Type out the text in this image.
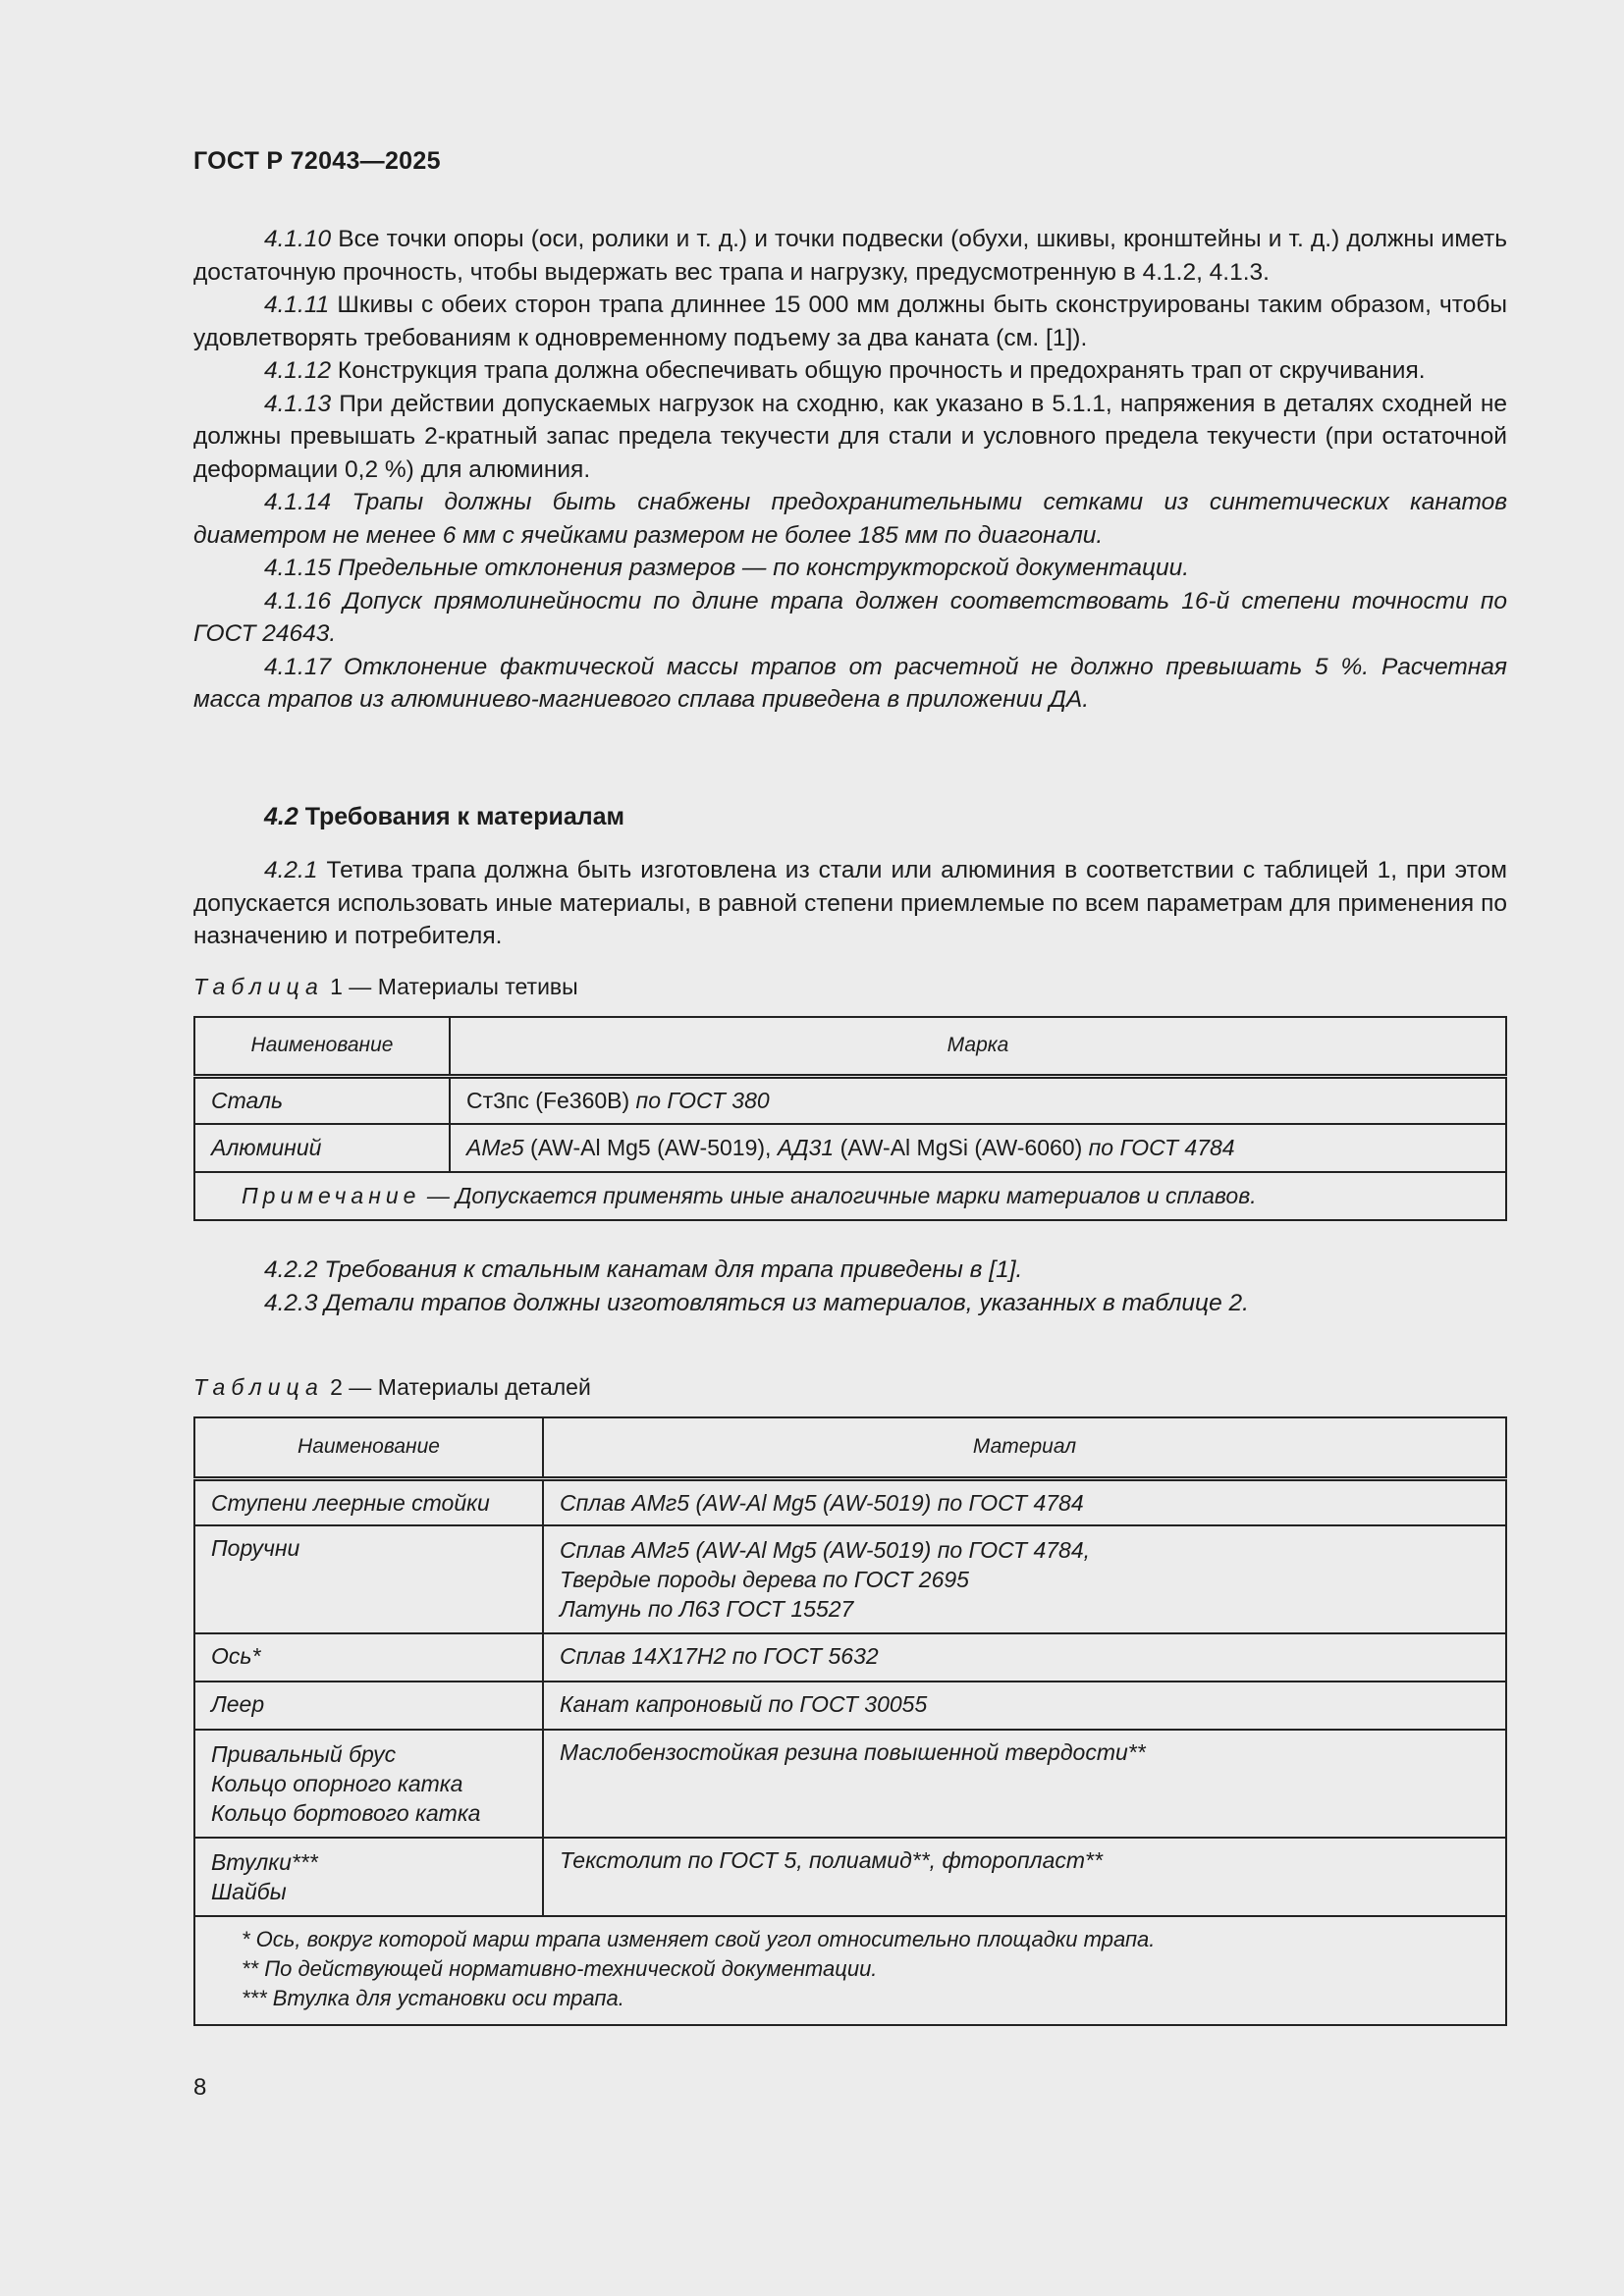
ГОСТ Р 72043—2025

4.1.10 Все точки опоры (оси, ролики и т. д.) и точки подвески (обухи, шкивы, кронштейны и т. д.) должны иметь достаточную прочность, чтобы выдержать вес трапа и нагрузку, предусмотренную в 4.1.2, 4.1.3.

4.1.11 Шкивы с обеих сторон трапа длиннее 15 000 мм должны быть сконструированы таким образом, чтобы удовлетворять требованиям к одновременному подъему за два каната (см. [1]).

4.1.12 Конструкция трапа должна обеспечивать общую прочность и предохранять трап от скручивания.

4.1.13 При действии допускаемых нагрузок на сходню, как указано в 5.1.1, напряжения в деталях сходней не должны превышать 2-кратный запас предела текучести для стали и условного предела текучести (при остаточной деформации 0,2 %) для алюминия.

4.1.14 Трапы должны быть снабжены предохранительными сетками из синтетических канатов диаметром не менее 6 мм с ячейками размером не более 185 мм по диагонали.

4.1.15 Предельные отклонения размеров — по конструкторской документации.

4.1.16 Допуск прямолинейности по длине трапа должен соответствовать 16-й степени точности по ГОСТ 24643.

4.1.17 Отклонение фактической массы трапов от расчетной не должно превышать 5 %. Расчетная масса трапов из алюминиево-магниевого сплава приведена в приложении ДА.

4.2 Требования к материалам

4.2.1 Тетива трапа должна быть изготовлена из стали или алюминия в соответствии с таблицей 1, при этом допускается использовать иные материалы, в равной степени приемлемые по всем параметрам для применения по назначению и потребителя.

Таблица 1 — Материалы тетивы
Наименование	Марка
Сталь	Ст3пс (Fe360B) по ГОСТ 380
Алюминий	АМг5 (AW-Al Mg5 (AW-5019), АД31 (AW-Al MgSi (AW-6060) по ГОСТ 4784
Примечание — Допускается применять иные аналогичные марки материалов и сплавов.	

4.2.2 Требования к стальным канатам для трапа приведены в [1].

4.2.3 Детали трапов должны изготовляться из материалов, указанных в таблице 2.

Таблица 2 — Материалы деталей
Наименование	Материал
Ступени леерные стойки	Сплав АМг5 (AW-Al Mg5 (AW-5019) по ГОСТ 4784
Поручни	Сплав АМг5 (AW-Al Mg5 (AW-5019) по ГОСТ 4784,
Твердые породы дерева по ГОСТ 2695
Латунь по Л63 ГОСТ 15527

Ось*	Сплав 14Х17Н2 по ГОСТ 5632
Леер	Канат капроновый по ГОСТ 30055

Привальный брус
Кольцо опорного катка
Кольцо бортового катка	Маслобензостойкая резина повышенной твердости**

Втулки***
Шайбы	Текстолит по ГОСТ 5, полиамид**, фторопласт**

* Ось, вокруг которой марш трапа изменяет свой угол относительно площадки трапа.
** По действующей нормативно-технической документации.
*** Втулка для установки оси трапа.	
8
